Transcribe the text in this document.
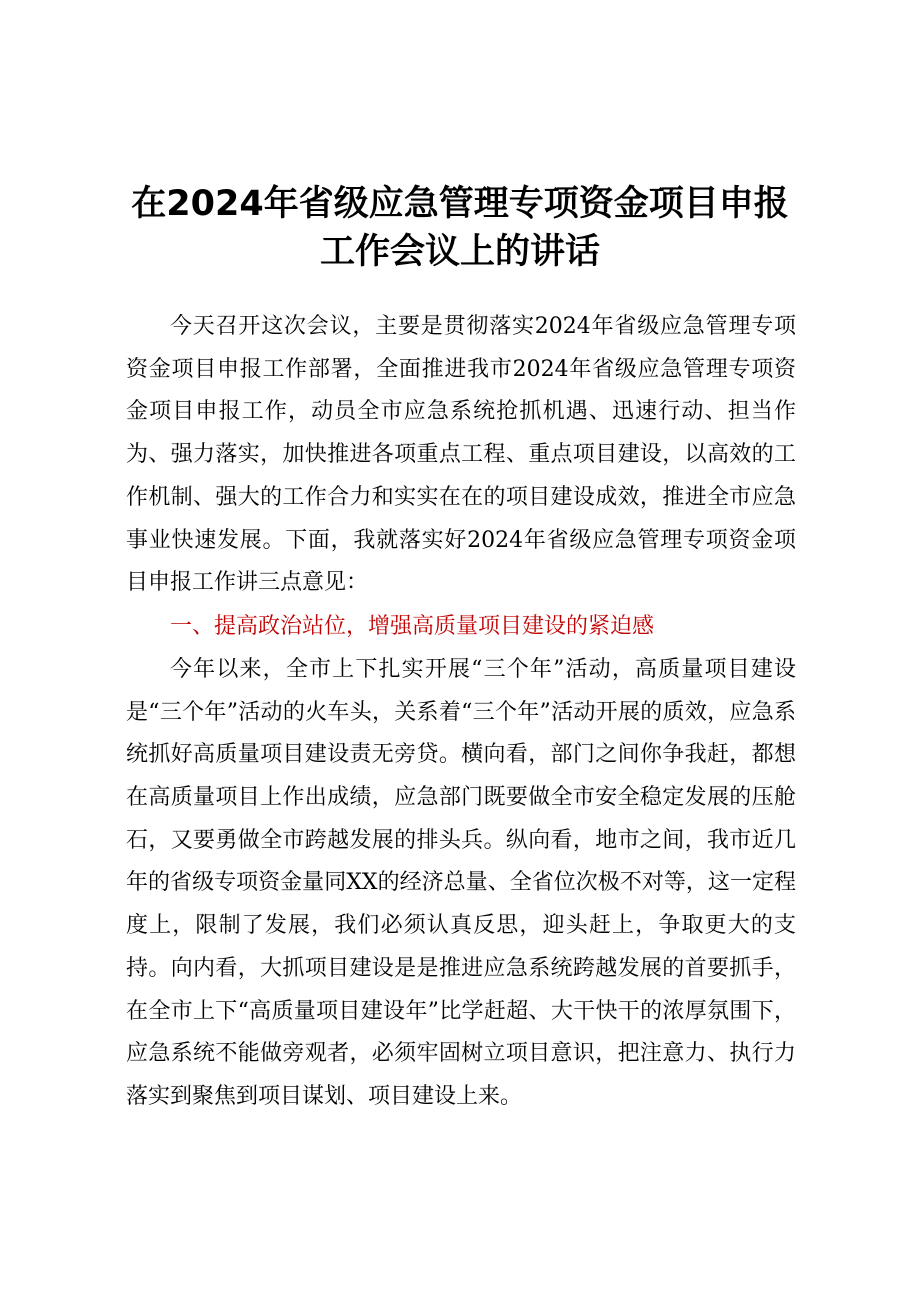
在2024年省级应急管理专项资金项目申报
工作会议上的讲话

今天召开这次会议，主要是贯彻落实2024年省级应急管理专项资金项目申报工作部署，全面推进我市2024年省级应急管理专项资金项目申报工作，动员全市应急系统抢抓机遇、迅速行动、担当作为、强力落实，加快推进各项重点工程、重点项目建设，以高效的工作机制、强大的工作合力和实实在在的项目建设成效，推进全市应急事业快速发展。下面，我就落实好2024年省级应急管理专项资金项目申报工作讲三点意见：

一、提高政治站位，增强高质量项目建设的紧迫感

今年以来，全市上下扎实开展“三个年”活动，高质量项目建设是“三个年”活动的火车头，关系着“三个年”活动开展的质效，应急系统抓好高质量项目建设责无旁贷。横向看，部门之间你争我赶，都想在高质量项目上作出成绩，应急部门既要做全市安全稳定发展的压舱石，又要勇做全市跨越发展的排头兵。纵向看，地市之间，我市近几年的省级专项资金量同XX的经济总量、全省位次极不对等，这一定程度上，限制了发展，我们必须认真反思，迎头赶上，争取更大的支持。向内看，大抓项目建设是是推进应急系统跨越发展的首要抓手，在全市上下“高质量项目建设年”比学赶超、大干快干的浓厚氛围下，应急系统不能做旁观者，必须牢固树立项目意识，把注意力、执行力落实到聚焦到项目谋划、项目建设上来。
